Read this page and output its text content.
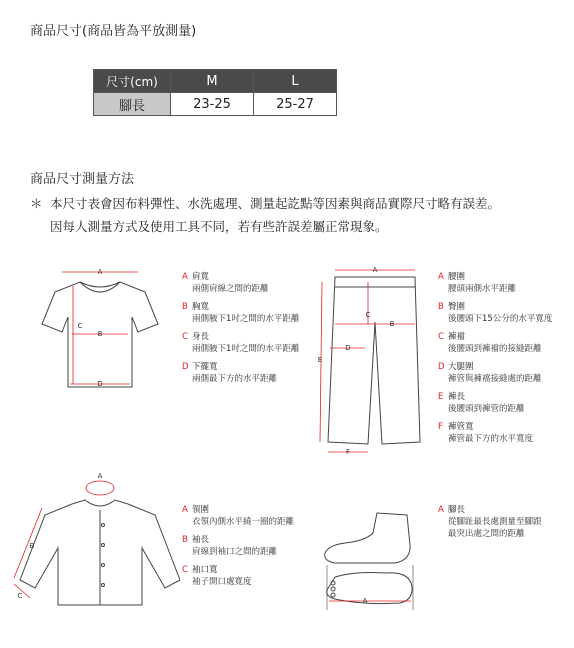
商品尺寸(商品皆為平放測量)
尺寸(cm)	M	L
腳長	23-25	25-27
商品尺寸測量方法
＊ 本尺寸表會因布料彈性、水洗處理、測量起訖點等因素與商品實際尺寸略有誤差。
因每人測量方式及使用工具不同，若有些許誤差屬正常現象。
A
B
C
D
A 肩寬
兩側肩線之間的距離
B 胸寬
兩側腋下1吋之間的水平距離
C 身長
兩側腋下1吋之間的水平距離
D 下擺寬
兩側最下方的水平距離
A
B
C
D
E
F
A 腰圍
腰頭兩側水平距離
B 臀圍
後腰頭下15公分的水平寬度
C 褲襠
後腰頭到褲襠的接縫距離
D 大腿圍
褲管與褲襠接縫處的距離
E 褲長
後腰頭到褲管的距離
F 褲管寬
褲管最下方的水平寬度
A
B
C
A 領圍
衣領內側水平繞一圈的距離
B 袖長
肩線到袖口之間的距離
C 袖口寬
袖子開口處寬度
A
A 腳長
從腳趾最長處測量至腳跟
最突出處之間的距離
